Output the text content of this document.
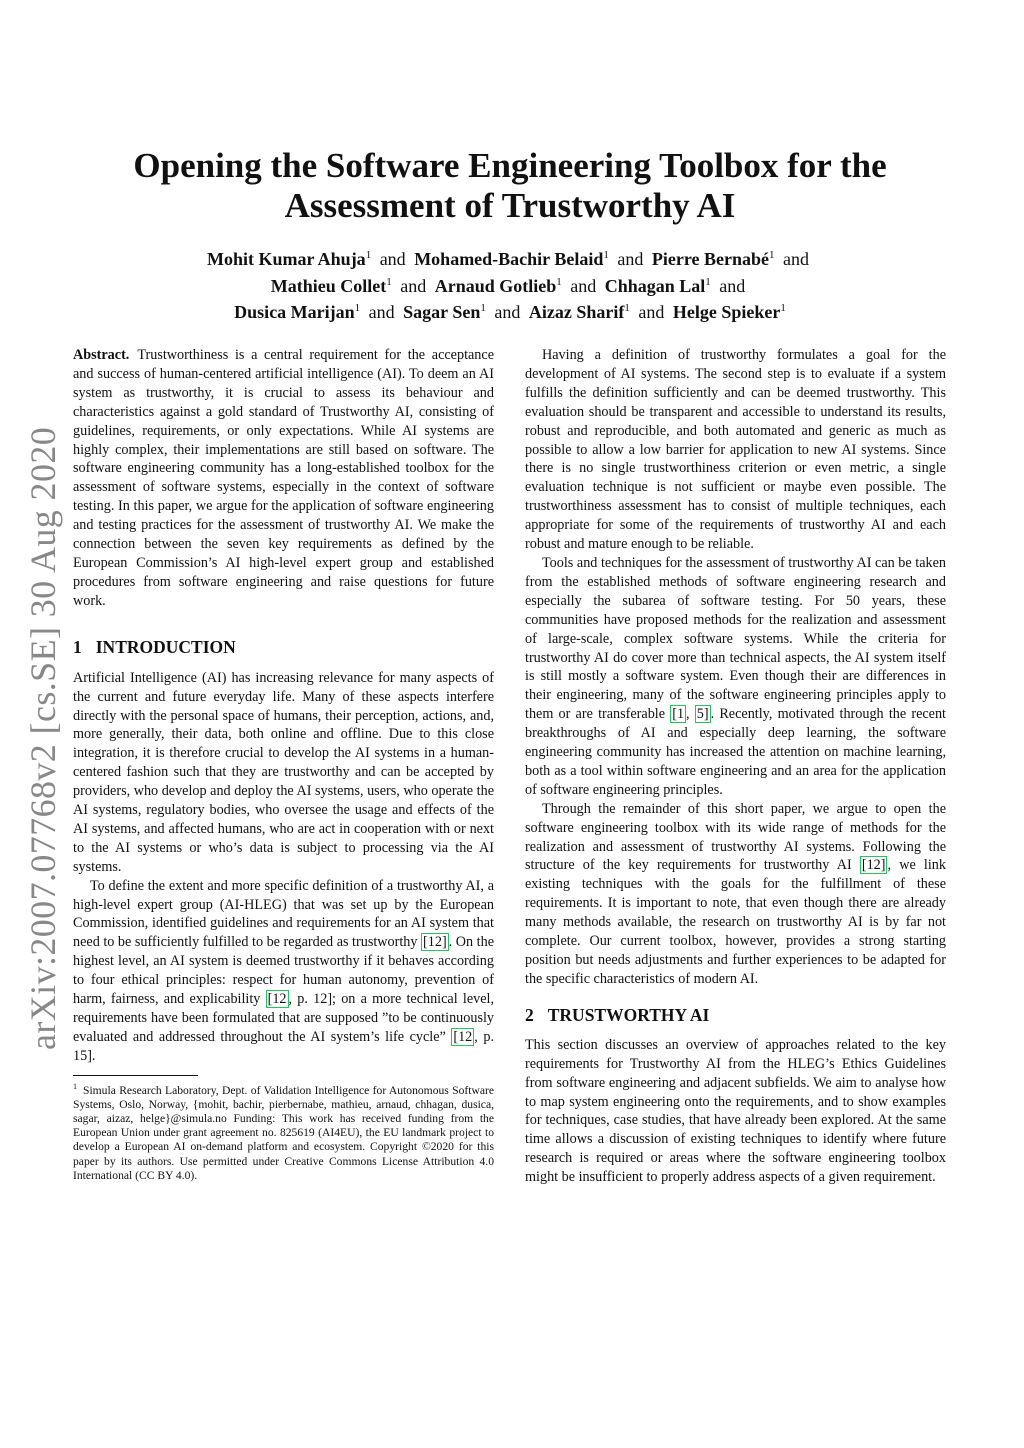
arXiv:2007.07768v2 [cs.SE] 30 Aug 2020
Opening the Software Engineering Toolbox for the Assessment of Trustworthy AI
Mohit Kumar Ahuja$^1$ and Mohamed-Bachir Belaid$^1$ and Pierre Bernabé$^1$ and
Mathieu Collet$^1$ and Arnaud Gotlieb$^1$ and Chhagan Lal$^1$ and
Dusica Marijan$^1$ and Sagar Sen$^1$ and Aizaz Sharif$^1$ and Helge Spieker$^1$

Abstract. Trustworthiness is a central requirement for the acceptance and success of human-centered artificial intelligence (AI). To deem an AI system as trustworthy, it is crucial to assess its behaviour and characteristics against a gold standard of Trustworthy AI, consisting of guidelines, requirements, or only expectations. While AI systems are highly complex, their implementations are still based on software. The software engineering community has a long-established toolbox for the assessment of software systems, especially in the context of software testing. In this paper, we argue for the application of software engineering and testing practices for the assessment of trustworthy AI. We make the connection between the seven key requirements as defined by the European Commission’s AI high-level expert group and established procedures from software engineering and raise questions for future work.

1 INTRODUCTION

Artificial Intelligence (AI) has increasing relevance for many aspects of the current and future everyday life. Many of these aspects interfere directly with the personal space of humans, their perception, actions, and, more generally, their data, both online and offline. Due to this close integration, it is therefore crucial to develop the AI systems in a human-centered fashion such that they are trustworthy and can be accepted by providers, who develop and deploy the AI systems, users, who operate the AI systems, regulatory bodies, who oversee the usage and effects of the AI systems, and affected humans, who are act in cooperation with or next to the AI systems or who’s data is subject to processing via the AI systems.

To define the extent and more specific definition of a trustworthy AI, a high-level expert group (AI-HLEG) that was set up by the European Commission, identified guidelines and requirements for an AI system that need to be sufficiently fulfilled to be regarded as trustworthy [12] . On the highest level, an AI system is deemed trustworthy if it behaves according to four ethical principles: respect for human autonomy, prevention of harm, fairness, and explicability [12 , p. 12]; on a more technical level, requirements have been formulated that are supposed ”to be continuously evaluated and addressed throughout the AI system’s life cycle” [12 , p. 15].

$^1$ Simula Research Laboratory, Dept. of Validation Intelligence for Autonomous Software Systems, Oslo, Norway, {mohit, bachir, pierbernabe, mathieu, arnaud, chhagan, dusica, sagar, aizaz, helge}@simula.no Funding: This work has received funding from the European Union under grant agreement no. 825619 (AI4EU), the EU landmark project to develop a European AI on-demand platform and ecosystem. Copyright ©2020 for this paper by its authors. Use permitted under Creative Commons License Attribution 4.0 International (CC BY 4.0).

Having a definition of trustworthy formulates a goal for the development of AI systems. The second step is to evaluate if a system fulfills the definition sufficiently and can be deemed trustworthy. This evaluation should be transparent and accessible to understand its results, robust and reproducible, and both automated and generic as much as possible to allow a low barrier for application to new AI systems. Since there is no single trustworthiness criterion or even metric, a single evaluation technique is not sufficient or maybe even possible. The trustworthiness assessment has to consist of multiple techniques, each appropriate for some of the requirements of trustworthy AI and each robust and mature enough to be reliable.

Tools and techniques for the assessment of trustworthy AI can be taken from the established methods of software engineering research and especially the subarea of software testing. For 50 years, these communities have proposed methods for the realization and assessment of large-scale, complex software systems. While the criteria for trustworthy AI do cover more than technical aspects, the AI system itself is still mostly a software system. Even though their are differences in their engineering, many of the software engineering principles apply to them or are transferable [1 , 5] . Recently, motivated through the recent breakthroughs of AI and especially deep learning, the software engineering community has increased the attention on machine learning, both as a tool within software engineering and an area for the application of software engineering principles.

Through the remainder of this short paper, we argue to open the software engineering toolbox with its wide range of methods for the realization and assessment of trustworthy AI systems. Following the structure of the key requirements for trustworthy AI [12] , we link existing techniques with the goals for the fulfillment of these requirements. It is important to note, that even though there are already many methods available, the research on trustworthy AI is by far not complete. Our current toolbox, however, provides a strong starting position but needs adjustments and further experiences to be adapted for the specific characteristics of modern AI.

2 TRUSTWORTHY AI

This section discusses an overview of approaches related to the key requirements for Trustworthy AI from the HLEG’s Ethics Guidelines from software engineering and adjacent subfields. We aim to analyse how to map system engineering onto the requirements, and to show examples for techniques, case studies, that have already been explored. At the same time allows a discussion of existing techniques to identify where future research is required or areas where the software engineering toolbox might be insufficient to properly address aspects of a given requirement.
